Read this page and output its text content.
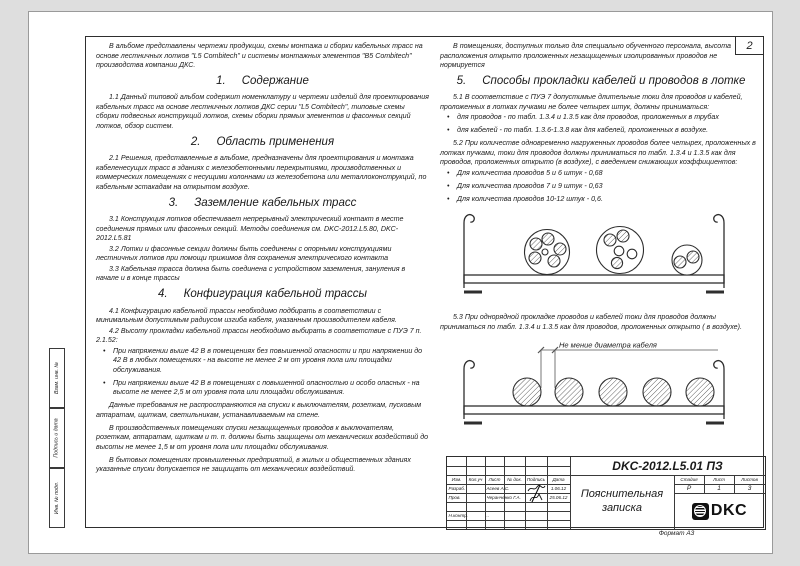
2
Взам. инв. №
Подпись и дата
Инв. № подл.

В альбоме представлены чертежи продукции, схемы монтажа и сборки кабельных трасс на основе лестничных лотков "L5 Combitech" и системы монтажных элементов "B5 Combitech" производства компании ДКС.

1. Содержание

1.1 Данный типовой альбом содержит номенклатуру и чертежи изделий для проектирования кабельных трасс на основе лестничных лотков ДКС серии "L5 Combitech", типовые схемы сборки подвесных конструкций лотков, схемы сборки прямых элементов и фасонных секций лотков, обзор систем.

2. Область применения

2.1 Решения, представленные в альбоме, предназначены для проектирования и монтажа кабеленесущих трасс в зданиях с железобетонными перекрытиями, производственных и коммерческих помещениях с несущими колоннами из железобетона или металлоконструкций, по кабельным эстакадам на открытом воздухе.

3. Заземление кабельных трасс

3.1 Конструкция лотков обеспечивает непрерывный электрический контакт в месте соединения прямых или фасонных секций. Методы соединения см. DKC-2012.L5.80, DKC-2012.L5.81

3.2 Лотки и фасонные секции должны быть соединены с опорными конструкциями лестничных лотков при помощи прижимов для сохранения электрического контакта

3.3 Кабельная трасса должна быть соединена с устройством заземления, зануления в начале и в конце трассы

4. Конфигурация кабельной трассы

4.1 Конфигурацию кабельной трассы необходимо подбирать в соответствии с минимальным допустимым радиусом изгиба кабеля, указанным производителем кабеля.

4.2 Высоту прокладки кабельной трассы необходимо выбирать в соответствие с ПУЭ 7 п. 2.1.52:

• При напряжении выше 42 В в помещениях без повышенной опасности и при напряжении до 42 В в любых помещениях - на высоте не менее 2 м от уровня пола или площадки обслуживания.
• При напряжении выше 42 В в помещениях с повышенной опасностью и особо опасных - на высоте не менее 2,5 м от уровня пола или площадки обслуживания.

Данные требования не распространяются на спуски к выключателям, розеткам, пусковым аппаратам, щиткам, светильникам, устанавливаемым на стене.

В производственных помещениях спуски незащищенных проводов к выключателям, розеткам, аппаратам, щиткам и т. п. должны быть защищены от механических воздействий до высоты не менее 1,5 м от уровня пола или площадки обслуживания.

В бытовых помещениях промышленных предприятий, в жилых и общественных зданиях указанные спуски допускается не защищать от механических воздействий.

В помещениях, доступных только для специально обученного персонала, высота расположения открыто проложенных незащищенных изолированных проводов не нормируется

5. Способы прокладки кабелей и проводов в лотке

5.1 В соответствие с ПУЭ 7 допустимые длительные токи для проводов и кабелей, проложенных в лотках пучками не более четырех штук, должны приниматься:

• для проводов - по табл. 1.3.4 и 1.3.5 как для проводов, проложенных в трубах
• для кабелей - по табл. 1.3.6-1.3.8 как для кабелей, проложенных в воздухе.

5.2 При количестве одновременно нагруженных проводов более четырех, проложенных в лотках пучками, токи для проводов должны приниматься по табл. 1.3.4 и 1.3.5 как для проводов, проложенных открыто (в воздухе), с введением снижающих коэффициентов:

• Для количества проводов 5 и 6 штук - 0,68
• Для количества проводов 7 и 9 штук - 0,63
• Для количества проводов 10-12 штук - 0,6.

5.3 При однорядной прокладке проводов и кабелей токи для проводов должны приниматься по табл. 1.3.4 и 1.3.5 как для проводов, проложенных открыто ( в воздухе).

Не мение диаметра кабеля
Изм.	Кол.уч	Лист	№ док.	Подпись	Дата
Разраб.	Асеев А.С.	1.06.12
Пров.	Черанченко Г.А.	25.06.12
Н.контр.	..
DKC-2012.L5.01 ПЗ
Пояснительная записка
Стадия	Лист	Листов
Р	1	3
DKC
Формат А3
